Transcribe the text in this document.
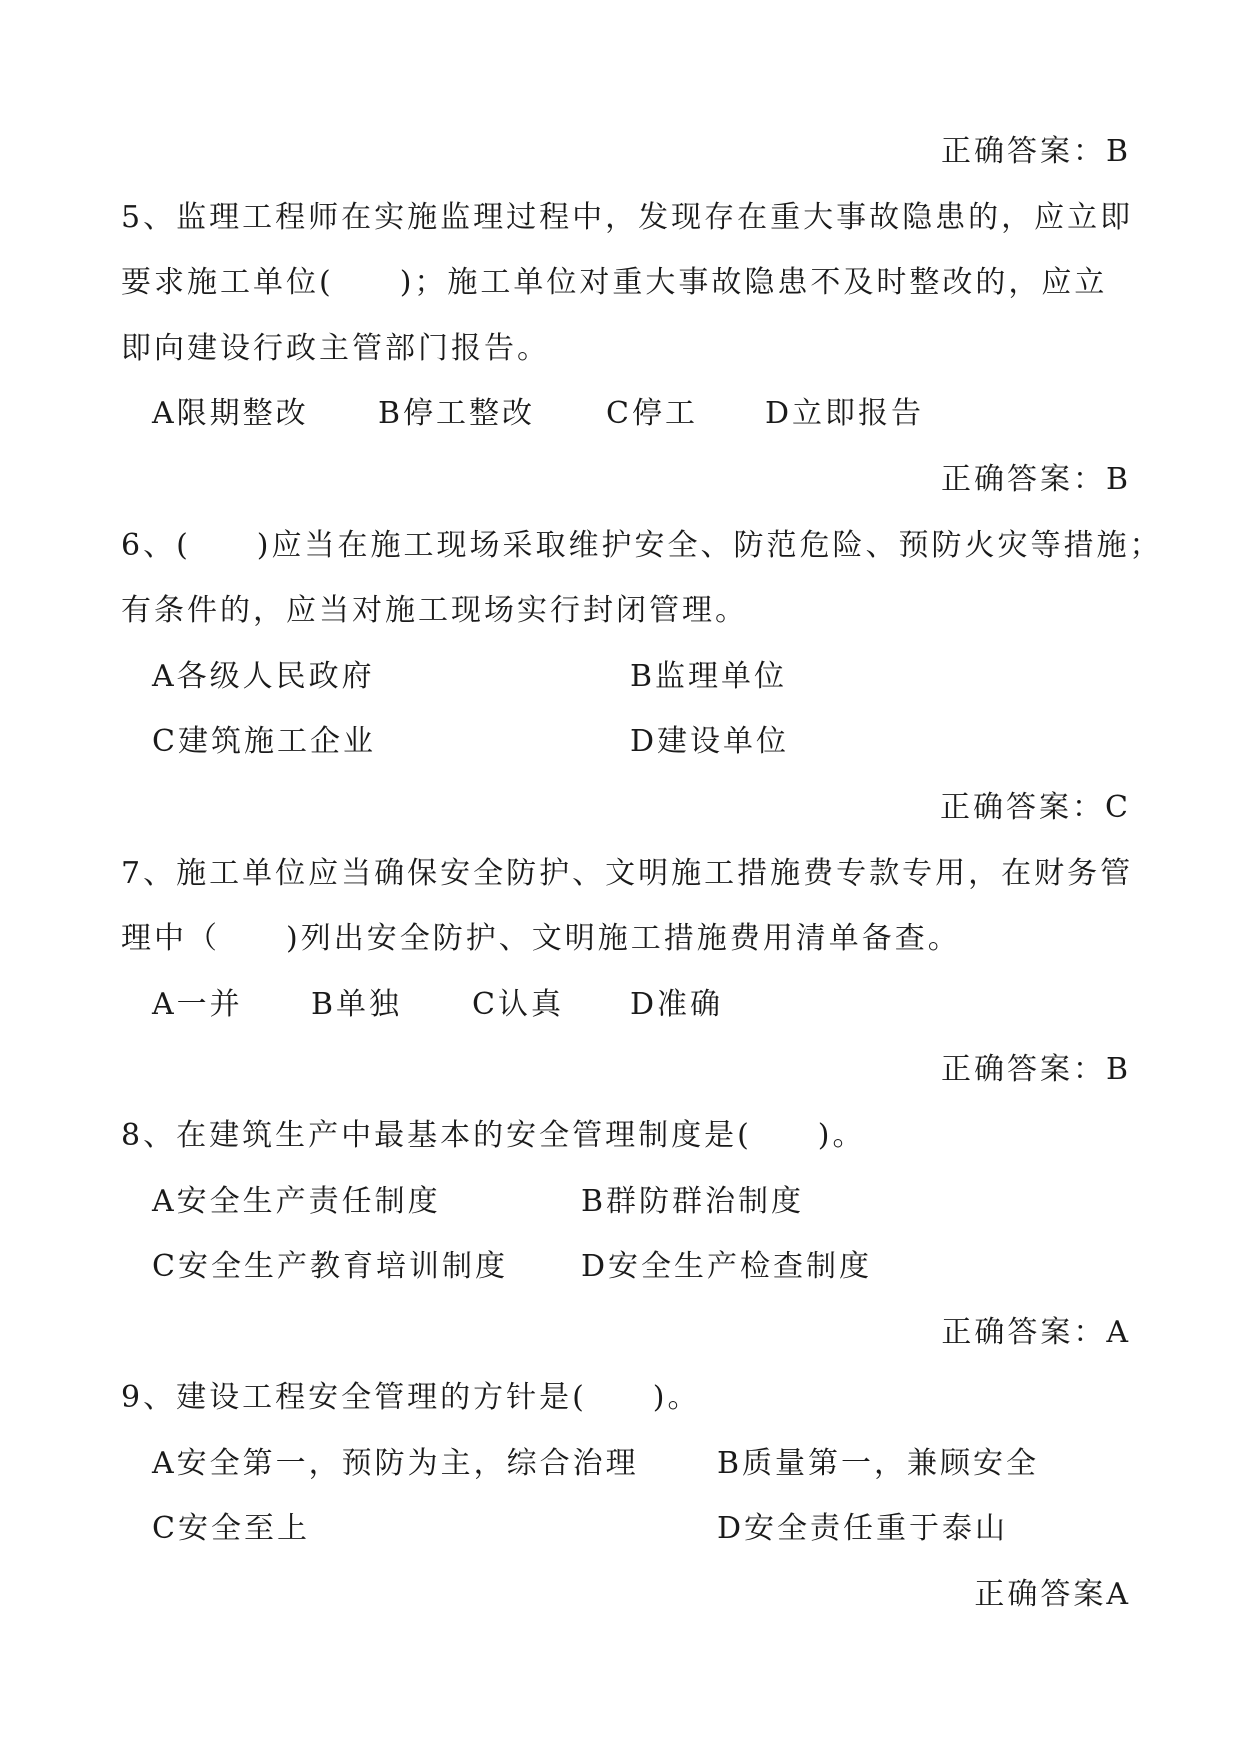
正确答案：B
5、监理工程师在实施监理过程中，发现存在重大事故隐患的，应立即
要求施工单位(　　)；施工单位对重大事故隐患不及时整改的，应立
即向建设行政主管部门报告。
A限期整改 B停工整改 C停工 D立即报告
正确答案：B
6、(　　)应当在施工现场采取维护安全、防范危险、预防火灾等措施；
有条件的，应当对施工现场实行封闭管理。
A各级人民政府	B监理单位
C建筑施工企业	D建设单位
正确答案：C
7、施工单位应当确保安全防护、文明施工措施费专款专用，在财务管
理中（　　)列出安全防护、文明施工措施费用清单备查。
A一并 B单独 C认真 D准确
正确答案：B
8、在建筑生产中最基本的安全管理制度是(　　)。
A安全生产责任制度	B群防群治制度
C安全生产教育培训制度 D安全生产检查制度
正确答案：A
9、建设工程安全管理的方针是(　　)。
A安全第一，预防为主，综合治理	B质量第一，兼顾安全
C安全至上	D安全责任重于泰山
正确答案A
